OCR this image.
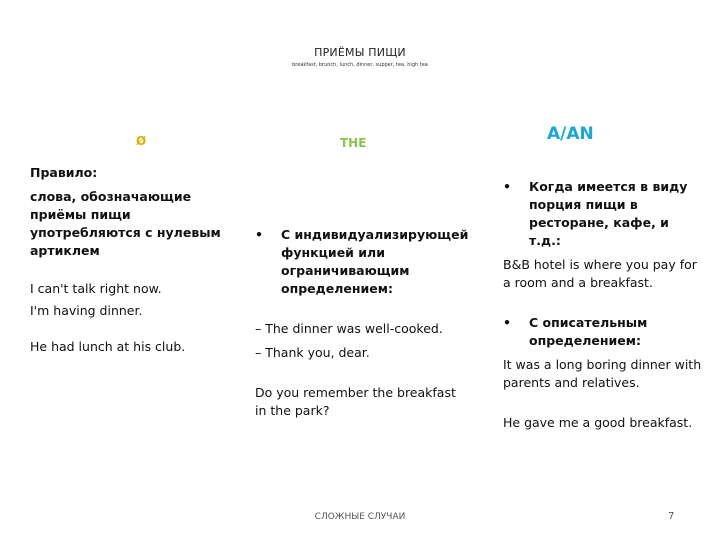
ПРИЁМЫ ПИЩИ
breakfast, brunch, lunch, dinner, supper, tea, high tea
Ø	THE	A/AN

Правило:

слова, обозначающие приёмы пищи употребляются с нулевым артиклем

I can't talk right now.

I'm having dinner.

He had lunch at his club.

• С индивидуализирующей функцией или ограничивающим определением:

– The dinner was well-cooked.

– Thank you, dear.

Do you remember the breakfast in the park?

• Когда имеется в виду порция пищи в ресторане, кафе, и т.д.:

B&B hotel is where you pay for a room and a breakfast.

• С описательным определением:

It was a long boring dinner with parents and relatives.

He gave me a good breakfast.

СЛОЖНЫЕ СЛУЧАИ	7
